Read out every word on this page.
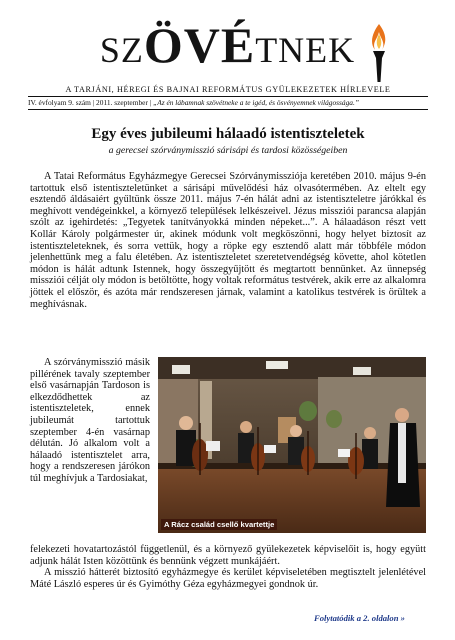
SZÖVÉTNEK
A TARJÁNI, HÉREGI ÉS BAJNAI REFORMÁTUS GYÜLEKEZETEK HÍRLEVELE
IV. évfolyam 9. szám | 2011. szeptember | „Az én lábamnak szövétneke a te igéd, és ösvényemnek világossága.”
Egy éves jubileumi hálaadó istentiszteletek
a gerecsei szórványmisszió sárisápi és tardosi közösségeiben

A Tatai Református Egyházmegye Gerecsei Szórványmissziója keretében 2010. május 9-én tartottuk első istentiszteletünket a sárisápi művelődési ház olvasótermében. Az eltelt egy esztendő áldásaiért gyűltünk össze 2011. május 7-én hálát adni az istentiszteletre járókkal és meghívott vendégeinkkel, a környező települések lelkészeivel. Jézus missziói parancsa alapján szólt az igehirdetés: „Tegyetek tanítványokká minden népeket...”. A hálaadáson részt vett Kollár Károly polgármester úr, akinek módunk volt megköszönni, hogy helyet biztosít az istentiszteleteknek, és sorra vettük, hogy a röpke egy esztendő alatt már többféle módon jelenhettünk meg a falu életében. Az istentiszteletet szeretetvendégség követte, ahol kötetlen módon is hálát adtunk Istennek, hogy összegyűjtött és megtartott bennünket. Az ünnepség missziói célját oly módon is betöltötte, hogy voltak református testvérek, akik erre az alkalomra jöttek el először, és azóta már rendszeresen járnak, valamint a katolikus testvérek is örültek a meghívásnak.

A szórványmisszió másik pillérének tavaly szeptember első vasárnapján Tardoson is elkezdődhettek az istentiszteletek, ennek jubileumát tartottuk szeptember 4-én vasárnap délután. Jó alkalom volt a hálaadó istentisztelet arra, hogy a rendszeresen járókon túl meghívjuk a Tardosiakat,

A Rácz család csellő kvartettje

felekezeti hovatartozástól függetlenül, és a környező gyülekezetek képviselőit is, hogy együtt adjunk hálát Isten közöttünk és bennünk végzett munkájáért.

A misszió hátterét biztosító egyházmegye és kerület képviseletében megtisztelt jelenlétével Máté László esperes úr és Gyimóthy Géza egyházmegyei gondnok úr.

Folytatódik a 2. oldalon »
